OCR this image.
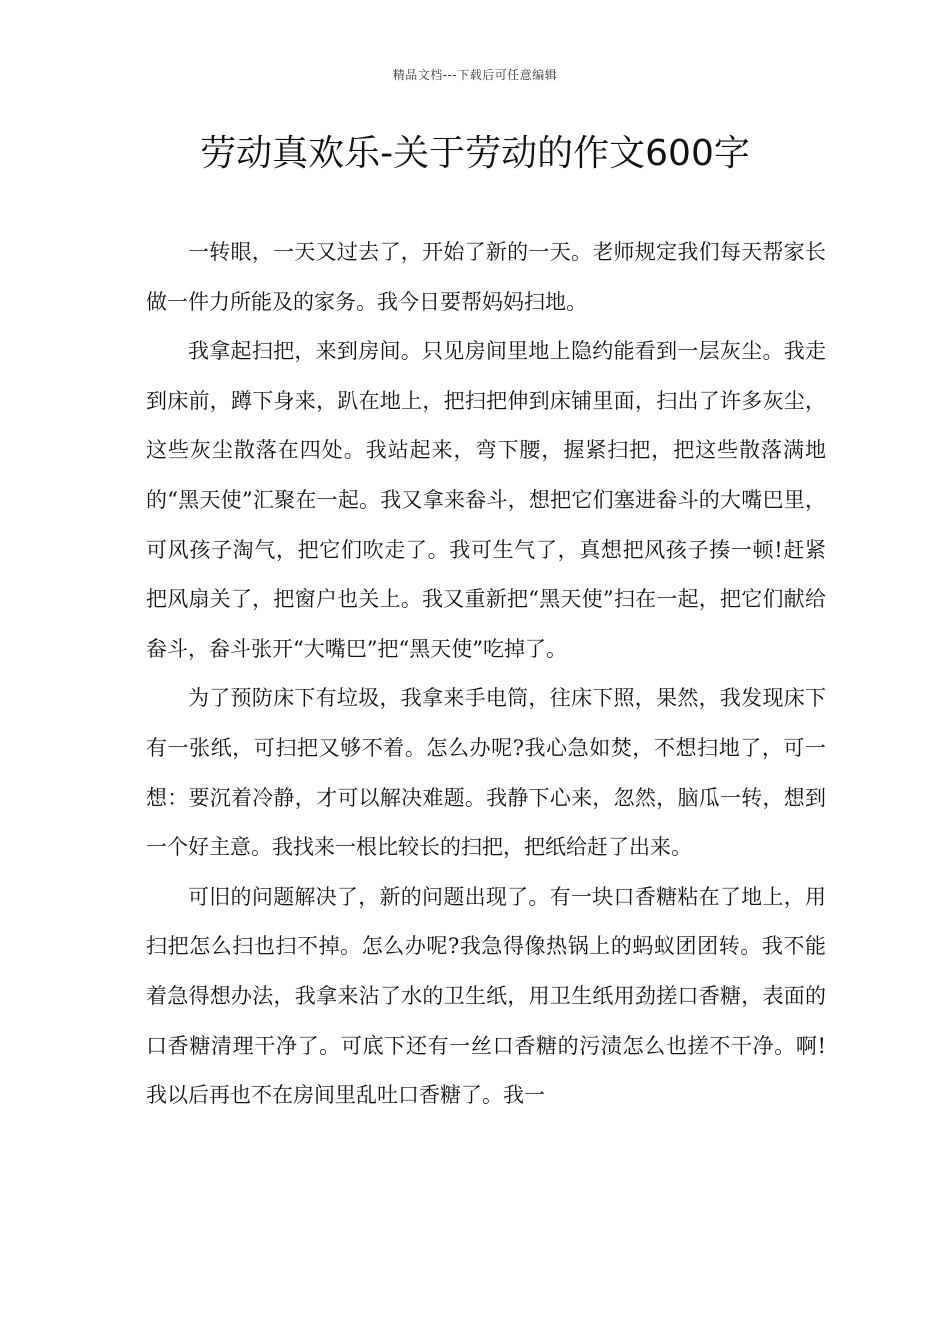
精品文档---下载后可任意编辑
劳动真欢乐-关于劳动的作文600字

一转眼，一天又过去了，开始了新的一天。老师规定我们每天帮家长做一件力所能及的家务。我今日要帮妈妈扫地。

我拿起扫把，来到房间。只见房间里地上隐约能看到一层灰尘。我走到床前，蹲下身来，趴在地上，把扫把伸到床铺里面，扫出了许多灰尘，这些灰尘散落在四处。我站起来，弯下腰，握紧扫把，把这些散落满地的“黑天使”汇聚在一起。我又拿来畚斗，想把它们塞进畚斗的大嘴巴里，可风孩子淘气，把它们吹走了。我可生气了，真想把风孩子揍一顿!赶紧把风扇关了，把窗户也关上。我又重新把“黑天使”扫在一起，把它们献给畚斗，畚斗张开“大嘴巴”把“黑天使”吃掉了。

为了预防床下有垃圾，我拿来手电筒，往床下照，果然，我发现床下有一张纸，可扫把又够不着。怎么办呢?我心急如焚，不想扫地了，可一想：要沉着冷静，才可以解决难题。我静下心来，忽然，脑瓜一转，想到一个好主意。我找来一根比较长的扫把，把纸给赶了出来。

可旧的问题解决了，新的问题出现了。有一块口香糖粘在了地上，用扫把怎么扫也扫不掉。怎么办呢?我急得像热锅上的蚂蚁团团转。我不能着急得想办法，我拿来沾了水的卫生纸，用卫生纸用劲搓口香糖，表面的口香糖清理干净了。可底下还有一丝口香糖的污渍怎么也搓不干净。啊!我以后再也不在房间里乱吐口香糖了。我一
